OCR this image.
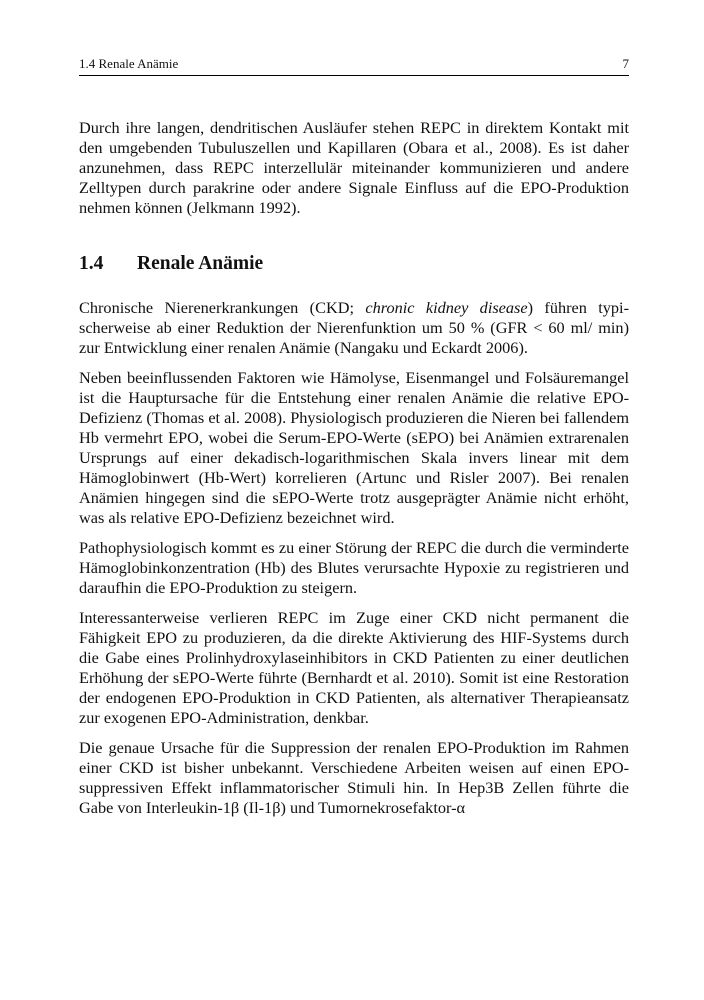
1.4 Renale Anämie	7

Durch ihre langen, dendritischen Ausläufer stehen REPC in direktem Kontakt mit den umgebenden Tubuluszellen und Kapillaren (Obara et al., 2008). Es ist daher anzunehmen, dass REPC interzellulär miteinander kommunizieren und andere Zelltypen durch parakrine oder andere Signale Einfluss auf die EPO-Produktion nehmen können (Jelkmann 1992).

1.4 Renale Anämie

Chronische Nierenerkrankungen (CKD; chronic kidney disease) führen typischerweise ab einer Reduktion der Nierenfunktion um 50 % (GFR < 60 ml/ min) zur Entwicklung einer renalen Anämie (Nangaku und Eckardt 2006).

Neben beeinflussenden Faktoren wie Hämolyse, Eisenmangel und Folsäuremangel ist die Hauptursache für die Entstehung einer renalen Anämie die relative EPO-Defizienz (Thomas et al. 2008). Physiologisch produzieren die Nieren bei fallendem Hb vermehrt EPO, wobei die Serum-EPO-Werte (sEPO) bei Anämien extrarenalen Ursprungs auf einer dekadisch-logarithmischen Skala invers linear mit dem Hämoglobinwert (Hb-Wert) korrelieren (Artunc und Risler 2007). Bei renalen Anämien hingegen sind die sEPO-Werte trotz ausgeprägter Anämie nicht erhöht, was als relative EPO-Defizienz bezeichnet wird.

Pathophysiologisch kommt es zu einer Störung der REPC die durch die verminderte Hämoglobinkonzentration (Hb) des Blutes verursachte Hypoxie zu registrieren und daraufhin die EPO-Produktion zu steigern.

Interessanterweise verlieren REPC im Zuge einer CKD nicht permanent die Fähigkeit EPO zu produzieren, da die direkte Aktivierung des HIF-Systems durch die Gabe eines Prolinhydroxylaseinhibitors in CKD Patienten zu einer deutlichen Erhöhung der sEPO-Werte führte (Bernhardt et al. 2010). Somit ist eine Restoration der endogenen EPO-Produktion in CKD Patienten, als alternativer Therapieansatz zur exogenen EPO-Administration, denkbar.

Die genaue Ursache für die Suppression der renalen EPO-Produktion im Rahmen einer CKD ist bisher unbekannt. Verschiedene Arbeiten weisen auf einen EPO-suppressiven Effekt inflammatorischer Stimuli hin. In Hep3B Zellen führte die Gabe von Interleukin-1β (Il-1β) und Tumornekrosefaktor-α
